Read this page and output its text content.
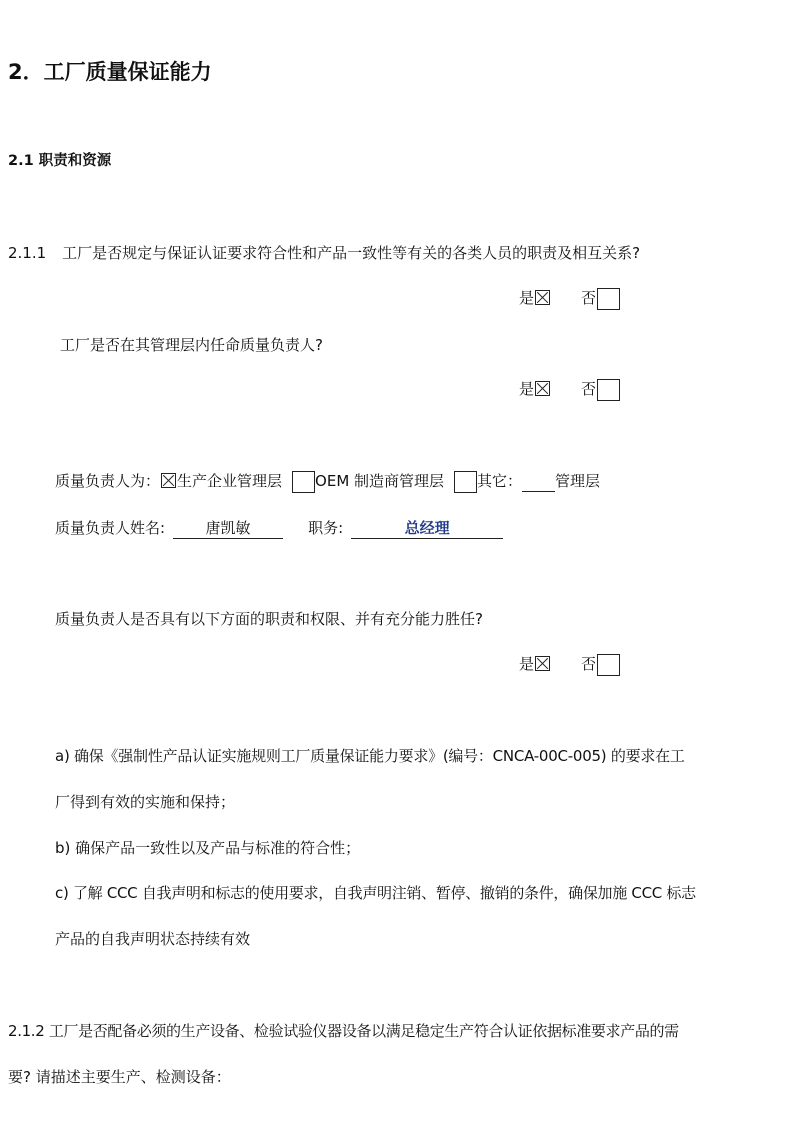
2．工厂质量保证能力
2.1 职责和资源
2.1.1 工厂是否规定与保证认证要求符合性和产品一致性等有关的各类人员的职责及相互关系?
是	否
工厂是否在其管理层内任命质量负责人?
是	否
质量负责人为： 生产企业管理层 OEM 制造商管理层 其它： 管理层
质量负责人姓名:	唐凯敏	职务:	总经理
质量负责人是否具有以下方面的职责和权限、并有充分能力胜任?
是	否
a) 确保《强制性产品认证实施规则工厂质量保证能力要求》(编号：CNCA-00C-005) 的要求在工
厂得到有效的实施和保持；
b) 确保产品一致性以及产品与标准的符合性；
c) 了解 CCC 自我声明和标志的使用要求，自我声明注销、暂停、撤销的条件，确保加施 CCC 标志
产品的自我声明状态持续有效
2.1.2 工厂是否配备必须的生产设备、检验试验仪器设备以满足稳定生产符合认证依据标准要求产品的需
要? 请描述主要生产、检测设备：
